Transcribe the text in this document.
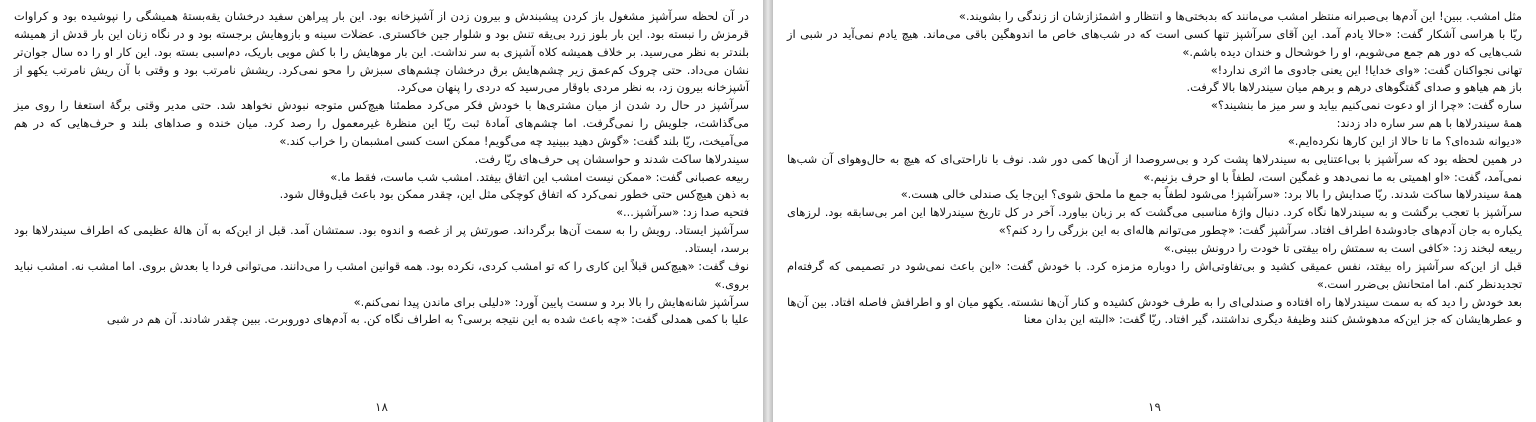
در آن لحظه سرآشپز مشغول باز کردن پیشبندش و بیرون زدن از آشپزخانه بود. این بار پیراهن سفید درخشان یقه‌بستهٔ همیشگی را نپوشیده بود و کراوات قرمزش را نبسته بود. این بار بلوز زرد بی‌یقه تنش بود و شلوار جین خاکستری. عضلات سینه و بازوهایش برجسته بود و در نگاه زنان این بار قدش از همیشه بلندتر به نظر می‌رسید. بر خلاف همیشه کلاه آشپزی به سر نداشت. این بار موهایش را با کش مویی باریک، دم‌اسبی بسته بود. این کار او را ده سال جوان‌تر نشان می‌داد. حتی چروک کم‌عمق زیر چشم‌هایش برق درخشان چشم‌های سبزش را محو نمی‌کرد. ریشش نامرتب بود و وقتی با آن ریش نامرتب یکهو از آشپزخانه بیرون زد، به نظر مردی باوقار می‌رسید که دردی را پنهان می‌کرد.

سرآشپز در حال رد شدن از میان مشتری‌ها با خودش فکر می‌کرد مطمئنا هیچ‌کس متوجه نبودش نخواهد شد. حتی مدیر وقتی برگهٔ استعفا را روی میز می‌گذاشت، جلویش را نمی‌گرفت. اما چشم‌های آمادهٔ ثبت ریّا این منظرهٔ غیرمعمول را رصد کرد. میان خنده و صداهای بلند و حرف‌هایی که در هم می‌آمیخت، ریّا بلند گفت: «گوش دهید ببینید چه می‌گویم! ممکن است کسی امشبمان را خراب کند.»

سیندرلاها ساکت شدند و حواسشان پی حرف‌های ریّا رفت.

ربیعه عصبانی گفت: «ممکن نیست امشب این اتفاق بیفتد. امشب شب ماست، فقط ما.»

به ذهن هیچ‌کس حتی خطور نمی‌کرد که اتفاق کوچکی مثل این، چقدر ممکن بود باعث قیل‌وقال شود.

فتحیه صدا زد: «سرآشپز...»

سرآشپز ایستاد. رویش را به سمت آن‌ها برگرداند. صورتش پر از غصه و اندوه بود. سمتشان آمد. قبل از این‌که به آن هالهٔ عظیمی که اطراف سیندرلاها بود برسد، ایستاد.

نوف گفت: «هیچ‌کس قبلاً این کاری را که تو امشب کردی، نکرده بود. همه قوانین امشب را می‌دانند. می‌توانی فردا یا بعدش بروی. اما امشب نه. امشب نباید بروی.»

سرآشپز شانه‌هایش را بالا برد و سست پایین آورد: «دلیلی برای ماندن پیدا نمی‌کنم.»

علیا با کمی همدلی گفت: «چه باعث شده به این نتیجه برسی؟ به اطراف نگاه کن. به آدم‌های دوروبرت. ببین چقدر شادند. آن هم در شبی

۱۸

مثل امشب. ببین! این آدم‌ها بی‌صبرانه منتظر امشب می‌مانند که بدبختی‌ها و انتظار و اشمئزازشان از زندگی را بشویند.»

ریّا با هراسی آشکار گفت: «حالا یادم آمد. این آقای سرآشپز تنها کسی است که در شب‌های خاص ما اندوهگین باقی می‌ماند. هیچ یادم نمی‌آید در شبی از شب‌هایی که دور هم جمع می‌شویم، او را خوشحال و خندان دیده باشم.»

تهانی نجواکنان گفت: «وای خدایا! این یعنی جادوی ما اثری ندارد!»

باز هم هیاهو و صدای گفتگوهای درهم و برهم میان سیندرلاها بالا گرفت.

ساره گفت: «چرا از او دعوت نمی‌کنیم بیاید و سر میز ما بنشیند؟»

همهٔ سیندرلاها با هم سر ساره داد زدند:

«دیوانه شده‌ای؟ ما تا حالا از این کارها نکرده‌ایم.»

در همین لحظه بود که سرآشپز با بی‌اعتنایی به سیندرلاها پشت کرد و بی‌سروصدا از آن‌ها کمی دور شد. نوف با ناراحتی‌ای که هیچ به حال‌وهوای آن شب‌ها نمی‌آمد، گفت: «او اهمیتی به ما نمی‌دهد و غمگین است، لطفاً با او حرف بزنیم.»

همهٔ سیندرلاها ساکت شدند. ریّا صدایش را بالا برد: «سرآشپز! می‌شود لطفاً به جمع ما ملحق شوی؟ این‌جا یک صندلی خالی هست.»

سرآشپز با تعجب برگشت و به سیندرلاها نگاه کرد. دنبال واژهٔ مناسبی می‌گشت که بر زبان بیاورد. آخر در کل تاریخ سیندرلاها این امر بی‌سابقه بود. لرزهای یکباره به جان آدم‌های جادوشدهٔ اطراف افتاد. سرآشپز گفت: «چطور می‌توانم هاله‌ای به این بزرگی را رد کنم؟»

ربیعه لبخند زد: «کافی است به سمتش راه بیفتی تا خودت را درونش ببینی.»

قبل از این‌که سرآشپز راه بیفتد، نفس عمیقی کشید و بی‌تفاوتی‌اش را دوباره مزمزه کرد. با خودش گفت: «این باعث نمی‌شود در تصمیمی که گرفته‌ام تجدیدنظر کنم. اما امتحانش بی‌ضرر است.»

بعد خودش را دید که به سمت سیندرلاها راه افتاده و صندلی‌ای را به طرف خودش کشیده و کنار آن‌ها نشسته. یکهو میان او و اطرافش فاصله افتاد. بین آن‌ها و عطرهایشان که جز این‌که مدهوشش کنند وظیفهٔ دیگری نداشتند، گیر افتاد. ریّا گفت: «البته این بدان معنا

۱۹
